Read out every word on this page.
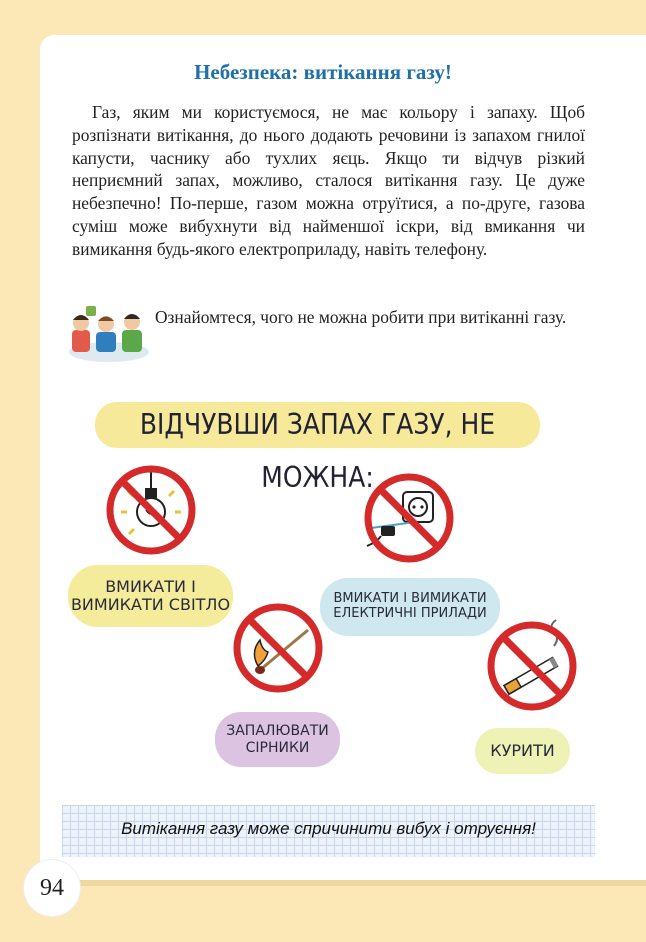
Небезпека: витікання газу!
Газ, яким ми користуємося, не має кольору і запаху. Щоб розпізнати витікання, до нього додають речовини із запахом гнилої капусти, часнику або тухлих яєць. Якщо ти відчув різкий неприємний запах, можливо, сталося витікання газу. Це дуже небезпечно! По-перше, газом можна отруїтися, а по-друге, газова суміш може вибухнути від найменшої іскри, від вмикання чи вимикання будь-якого електроприладу, навіть телефону.
Ознайомтеся, чого не можна робити при витіканні газу.
ВІДЧУВШИ ЗАПАХ ГАЗУ, НЕ МОЖНА:
ВМИКАТИ І
ВИМИКАТИ СВІТЛО	ВМИКАТИ І ВИМИКАТИ
ЕЛЕКТРИЧНІ ПРИЛАДИ
ЗАПАЛЮВАТИ
СІРНИКИ	КУРИТИ
Витікання газу може спричинити вибух і отруєння!
94
